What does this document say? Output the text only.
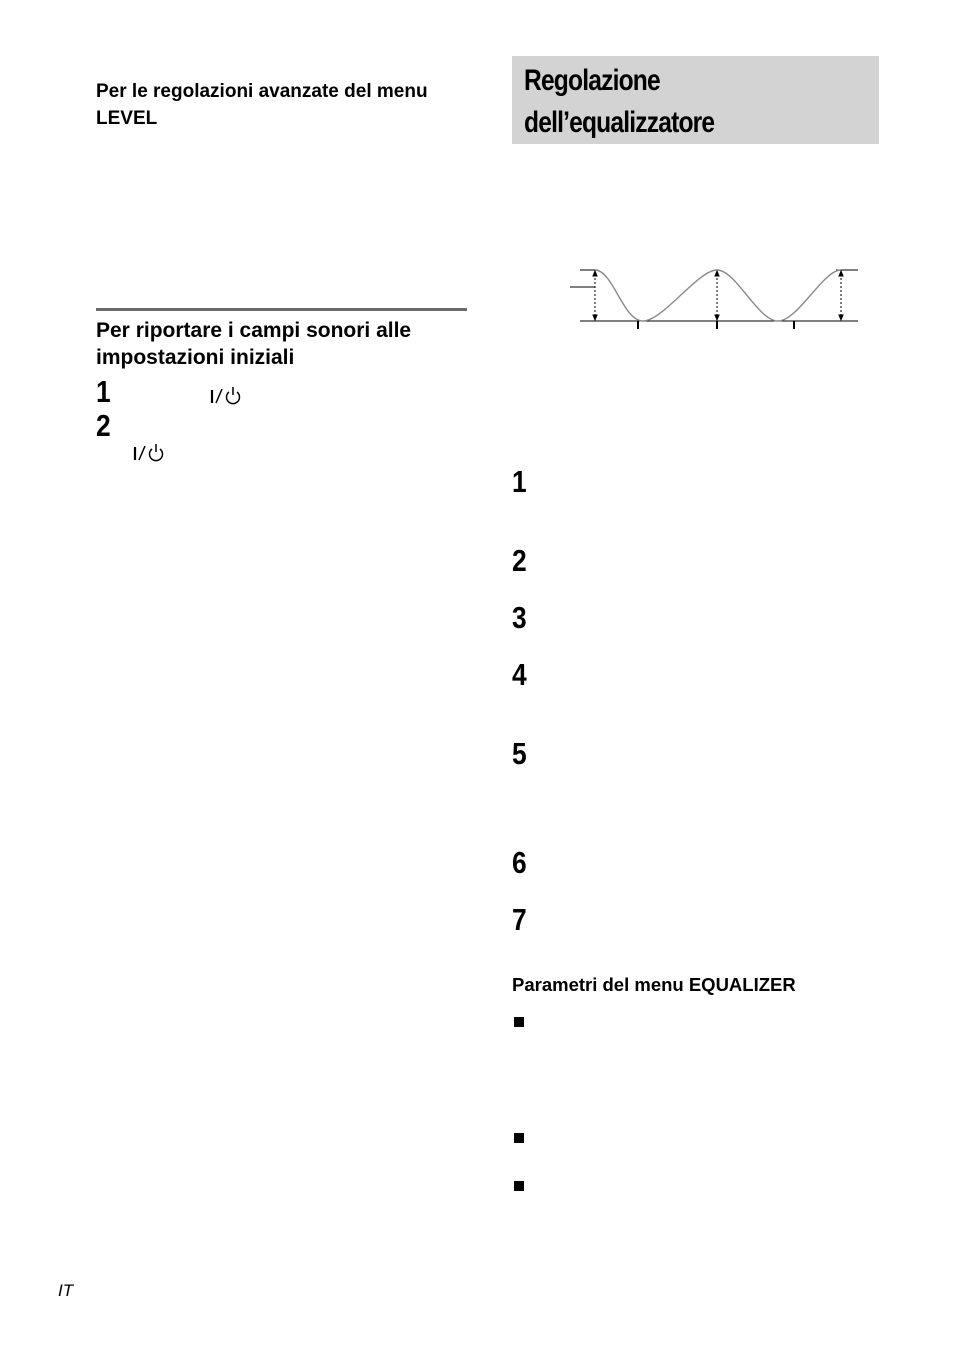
Per le regolazioni avanzate del menu LEVEL
Per riportare i campi sonori alle impostazioni iniziali
1
2
Regolazione dell’equalizzatore
1
2
3
4
5
6
7
Parametri del menu EQUALIZER
IT
